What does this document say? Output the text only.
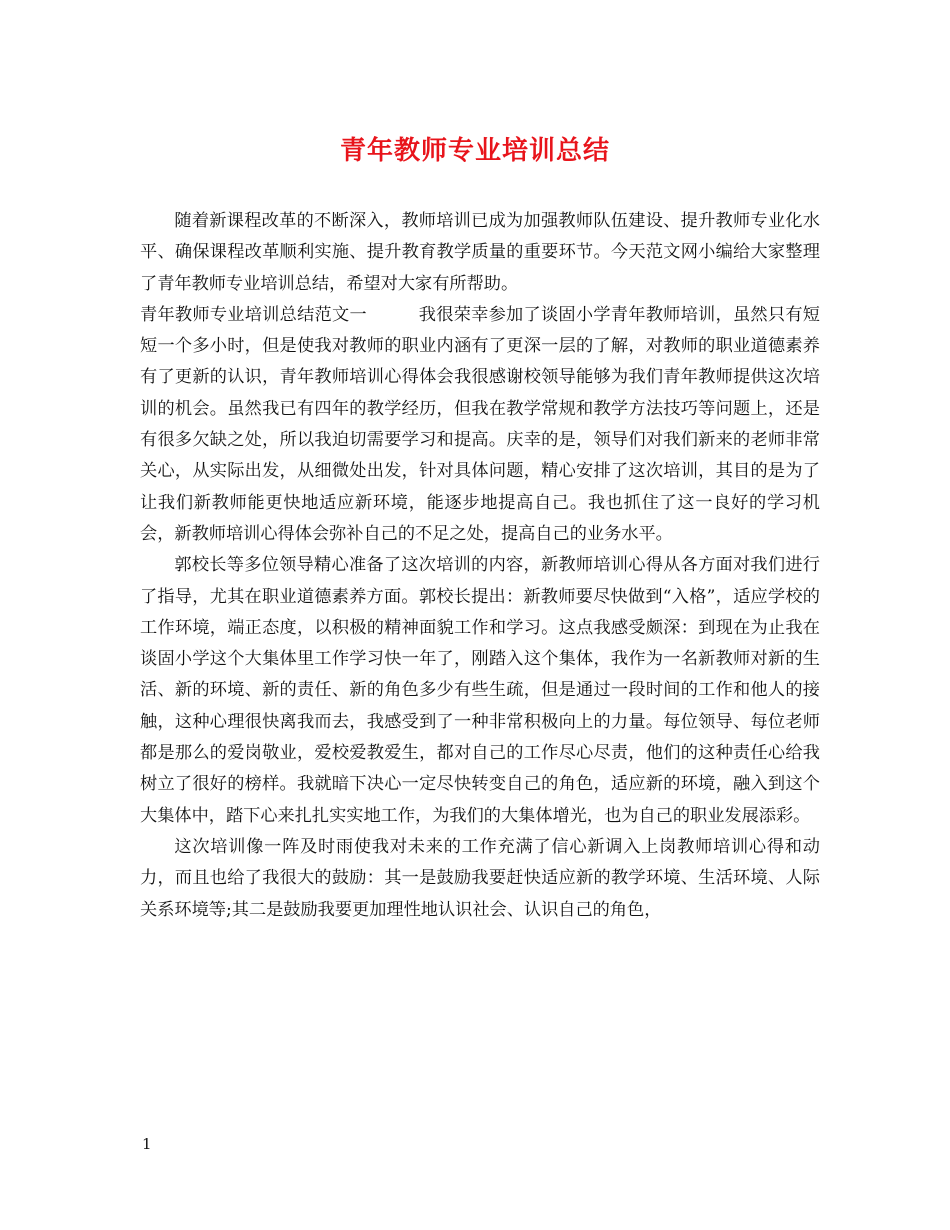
青年教师专业培训总结

随着新课程改革的不断深入，教师培训已成为加强教师队伍建设、提升教师专业化水平、确保课程改革顺利实施、提升教育教学质量的重要环节。今天范文网小编给大家整理了青年教师专业培训总结，希望对大家有所帮助。

青年教师专业培训总结范文一	我很荣幸参加了谈固小学青年教师培训，虽然只有短短一个多小时，但是使我对教师的职业内涵有了更深一层的了解，对教师的职业道德素养有了更新的认识，青年教师培训心得体会我很感谢校领导能够为我们青年教师提供这次培训的机会。虽然我已有四年的教学经历，但我在教学常规和教学方法技巧等问题上，还是有很多欠缺之处，所以我迫切需要学习和提高。庆幸的是，领导们对我们新来的老师非常关心，从实际出发，从细微处出发，针对具体问题，精心安排了这次培训，其目的是为了让我们新教师能更快地适应新环境，能逐步地提高自己。我也抓住了这一良好的学习机会，新教师培训心得体会弥补自己的不足之处，提高自己的业务水平。

郭校长等多位领导精心准备了这次培训的内容，新教师培训心得从各方面对我们进行了指导，尤其在职业道德素养方面。郭校长提出：新教师要尽快做到“入格”，适应学校的工作环境，端正态度，以积极的精神面貌工作和学习。这点我感受颇深：到现在为止我在谈固小学这个大集体里工作学习快一年了，刚踏入这个集体，我作为一名新教师对新的生活、新的环境、新的责任、新的角色多少有些生疏，但是通过一段时间的工作和他人的接触，这种心理很快离我而去，我感受到了一种非常积极向上的力量。每位领导、每位老师都是那么的爱岗敬业，爱校爱教爱生，都对自己的工作尽心尽责，他们的这种责任心给我树立了很好的榜样。我就暗下决心一定尽快转变自己的角色，适应新的环境，融入到这个大集体中，踏下心来扎扎实实地工作，为我们的大集体增光，也为自己的职业发展添彩。

这次培训像一阵及时雨使我对未来的工作充满了信心新调入上岗教师培训心得和动力，而且也给了我很大的鼓励：其一是鼓励我要赶快适应新的教学环境、生活环境、人际关系环境等;其二是鼓励我要更加理性地认识社会、认识自己的角色，

1
